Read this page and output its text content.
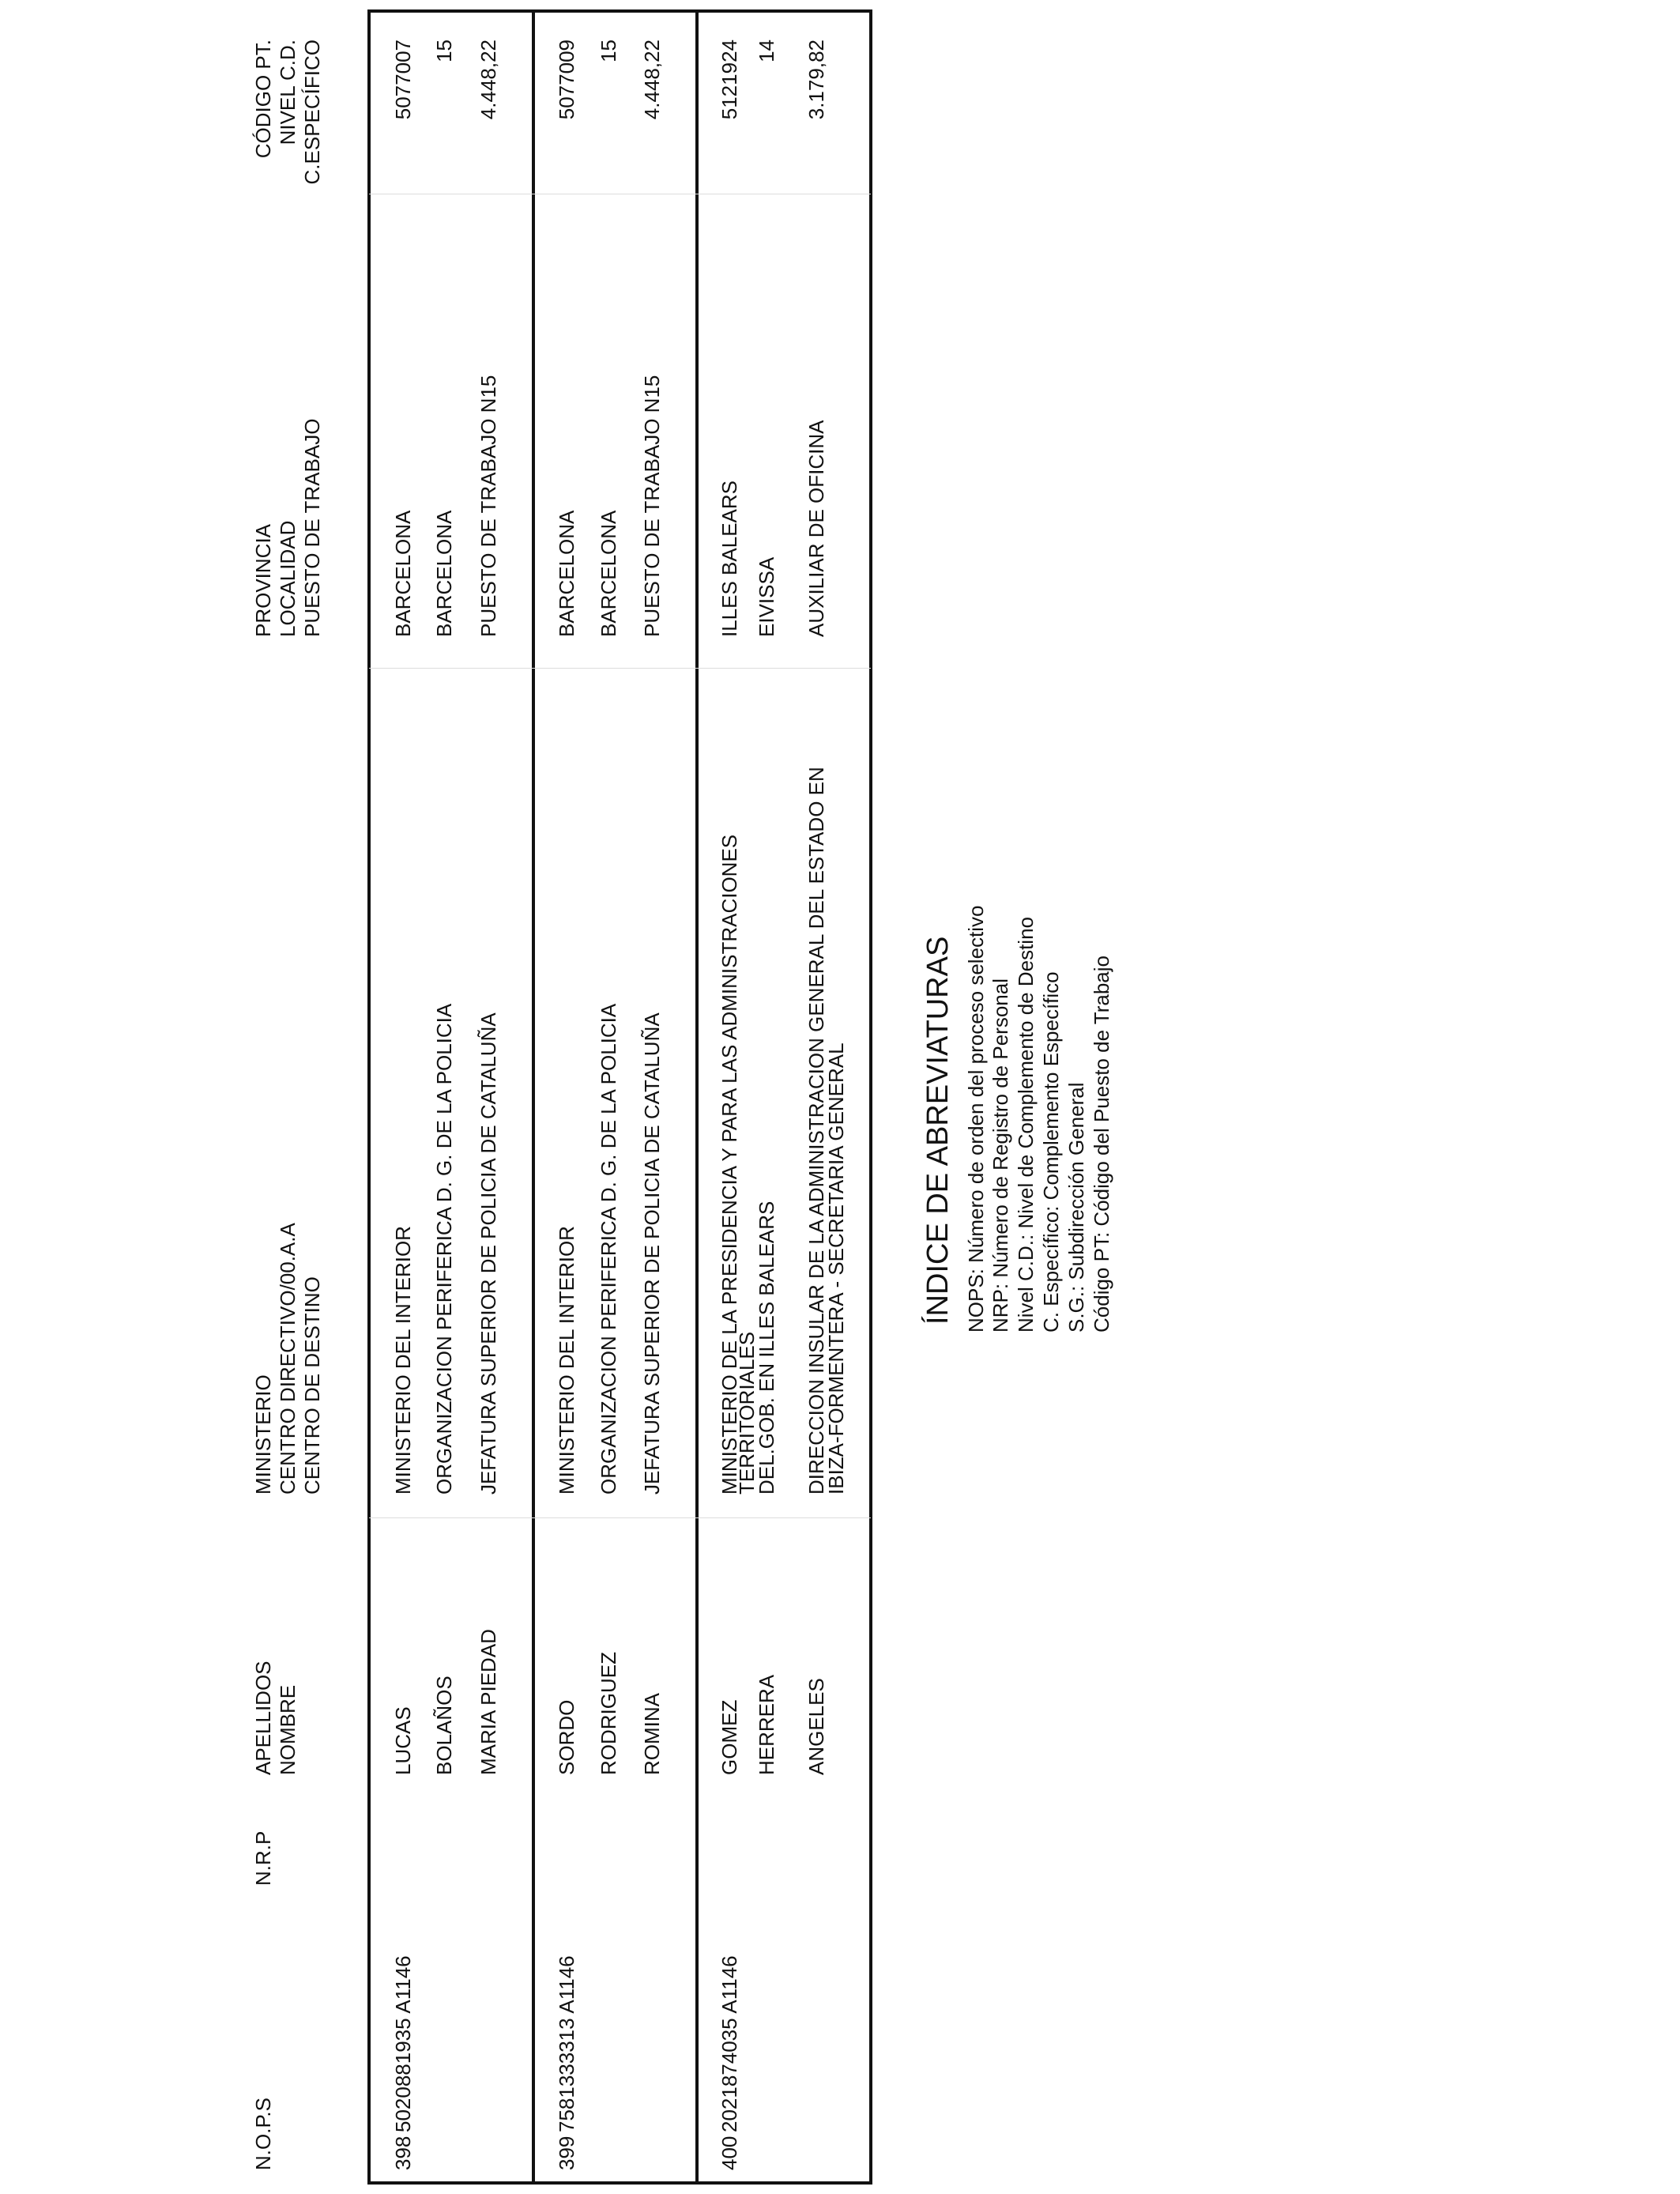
N.O.P.S
N.R.P
APELLIDOS NOMBRE
MINISTERIO CENTRO DIRECTIVO/00.A.A CENTRO DE DESTINO
PROVINCIA LOCALIDAD PUESTO DE TRABAJO
CÓDIGO PT. NIVEL C.D. C.ESPECÍFICO
398
5020881935 A1146
LUCAS BOLAÑOS MARIA PIEDAD
MINISTERIO DEL INTERIOR ORGANIZACION PERIFERICA D. G. DE LA POLICIA JEFATURA SUPERIOR DE POLICIA DE CATALUÑA
BARCELONA BARCELONA PUESTO DE TRABAJO N15
5077007 15 4.448,22
399
7581333313 A1146
SORDO RODRIGUEZ ROMINA
MINISTERIO DEL INTERIOR ORGANIZACION PERIFERICA D. G. DE LA POLICIA JEFATURA SUPERIOR DE POLICIA DE CATALUÑA
BARCELONA BARCELONA PUESTO DE TRABAJO N15
5077009 15 4.448,22
400
2021874035 A1146
GOMEZ HERRERA ANGELES
MINISTERIO DE LA PRESIDENCIA Y PARA LAS ADMINISTRACIONES
TERRITORIALES
DEL.GOB. EN ILLES BALEARS DIRECCION INSULAR DE LA ADMINISTRACION GENERAL DEL ESTADO EN
IBIZA-FORMENTERA - SECRETARIA GENERAL
ILLES BALEARS EIVISSA AUXILIAR DE OFICINA
5121924 14 3.179,82
ÍNDICE DE ABREVIATURAS NOPS: Número de orden del proceso selectivo NRP: Número de Registro de Personal Nivel C.D.: Nivel de Complemento de Destino C. Específico: Complemento Específico S.G.: Subdirección General Código PT: Código del Puesto de Trabajo
